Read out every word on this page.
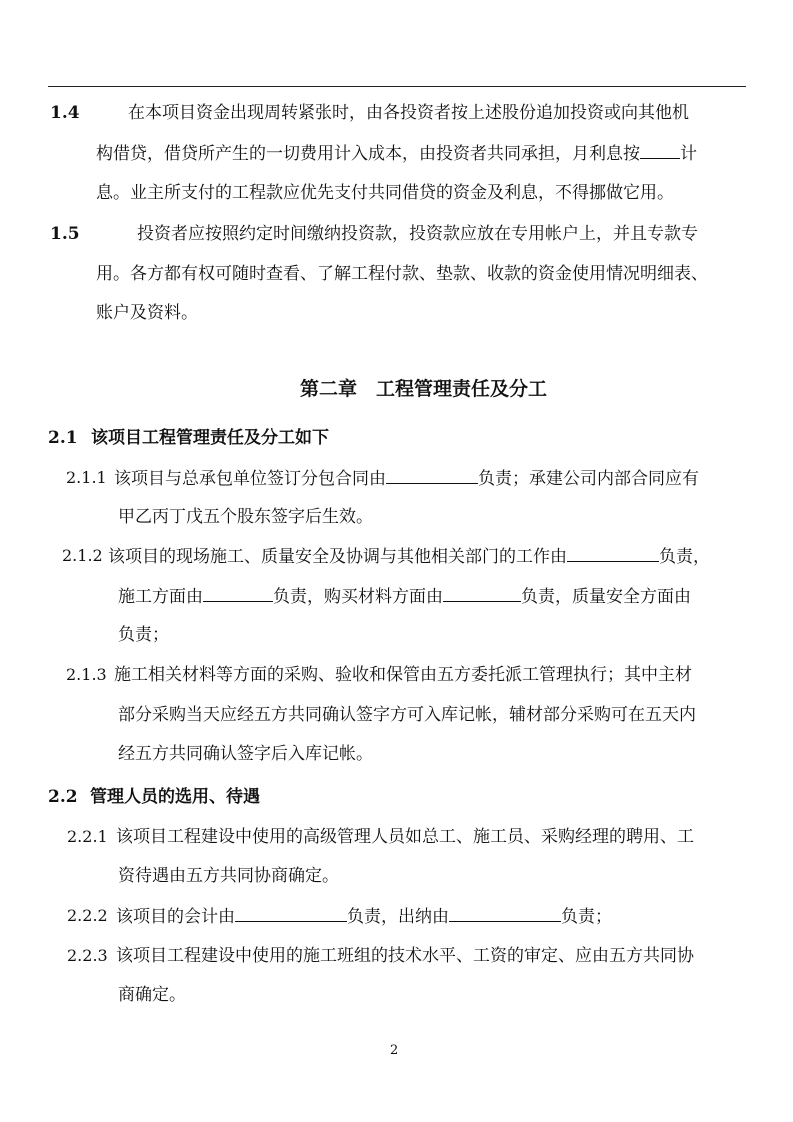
1.4	在本项目资金出现周转紧张时，由各投资者按上述股份追加投资或向其他机
构借贷，借贷所产生的一切费用计入成本，由投资者共同承担，月利息按 计
息。业主所支付的工程款应优先支付共同借贷的资金及利息，不得挪做它用。
1.5	投资者应按照约定时间缴纳投资款，投资款应放在专用帐户上，并且专款专
用。各方都有权可随时查看、了解工程付款、垫款、收款的资金使用情况明细表、
账户及资料。
第二章　工程管理责任及分工
2.1 该项目工程管理责任及分工如下
2.1.1 该项目与总承包单位签订分包合同由	负责；承建公司内部合同应有
甲乙丙丁戊五个股东签字后生效。
2.1.2 该项目的现场施工、质量安全及协调与其他相关部门的工作由	负责，
施工方面由	负责，购买材料方面由	负责，质量安全方面由
负责；
2.1.3 施工相关材料等方面的采购、验收和保管由五方委托派工管理执行；其中主材
部分采购当天应经五方共同确认签字方可入库记帐，辅材部分采购可在五天内
经五方共同确认签字后入库记帐。
2.2 管理人员的选用、待遇
2.2.1 该项目工程建设中使用的高级管理人员如总工、施工员、采购经理的聘用、工
资待遇由五方共同协商确定。
2.2.2 该项目的会计由	负责，出纳由	负责；
2.2.3 该项目工程建设中使用的施工班组的技术水平、工资的审定、应由五方共同协
商确定。
2
